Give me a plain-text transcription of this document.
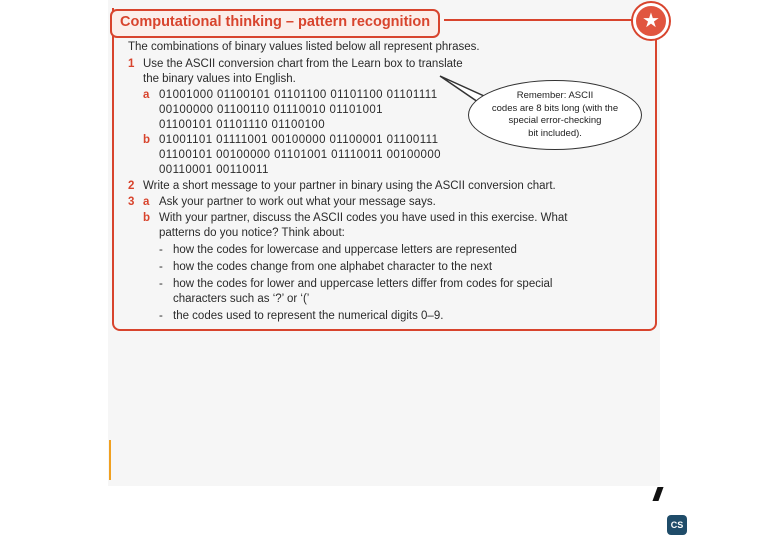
Computational thinking – pattern recognition	★
The combinations of binary values listed below all represent phrases.
1 Use the ASCII conversion chart from the Learn box to translate
the binary values into English.
a 01001000 01100101 01101100 01101100 01101111
00100000 01100110 01110010 01101001
01100101 01101110 01100100
b 01001101 01111001 00100000 01100001 01100111
01100101 00100000 01101001 01110011 00100000
00110001 00110011
Remember: ASCII
codes are 8 bits long (with the
special error-checking
bit included).
2 Write a short message to your partner in binary using the ASCII conversion chart.
3 a Ask your partner to work out what your message says.
b With your partner, discuss the ASCII codes you have used in this exercise. What
patterns do you notice? Think about:
- how the codes for lowercase and uppercase letters are represented
- how the codes change from one alphabet character to the next
- how the codes for lower and uppercase letters differ from codes for special
characters such as ‘?’ or ‘(’
- the codes used to represent the numerical digits 0–9.
CS
